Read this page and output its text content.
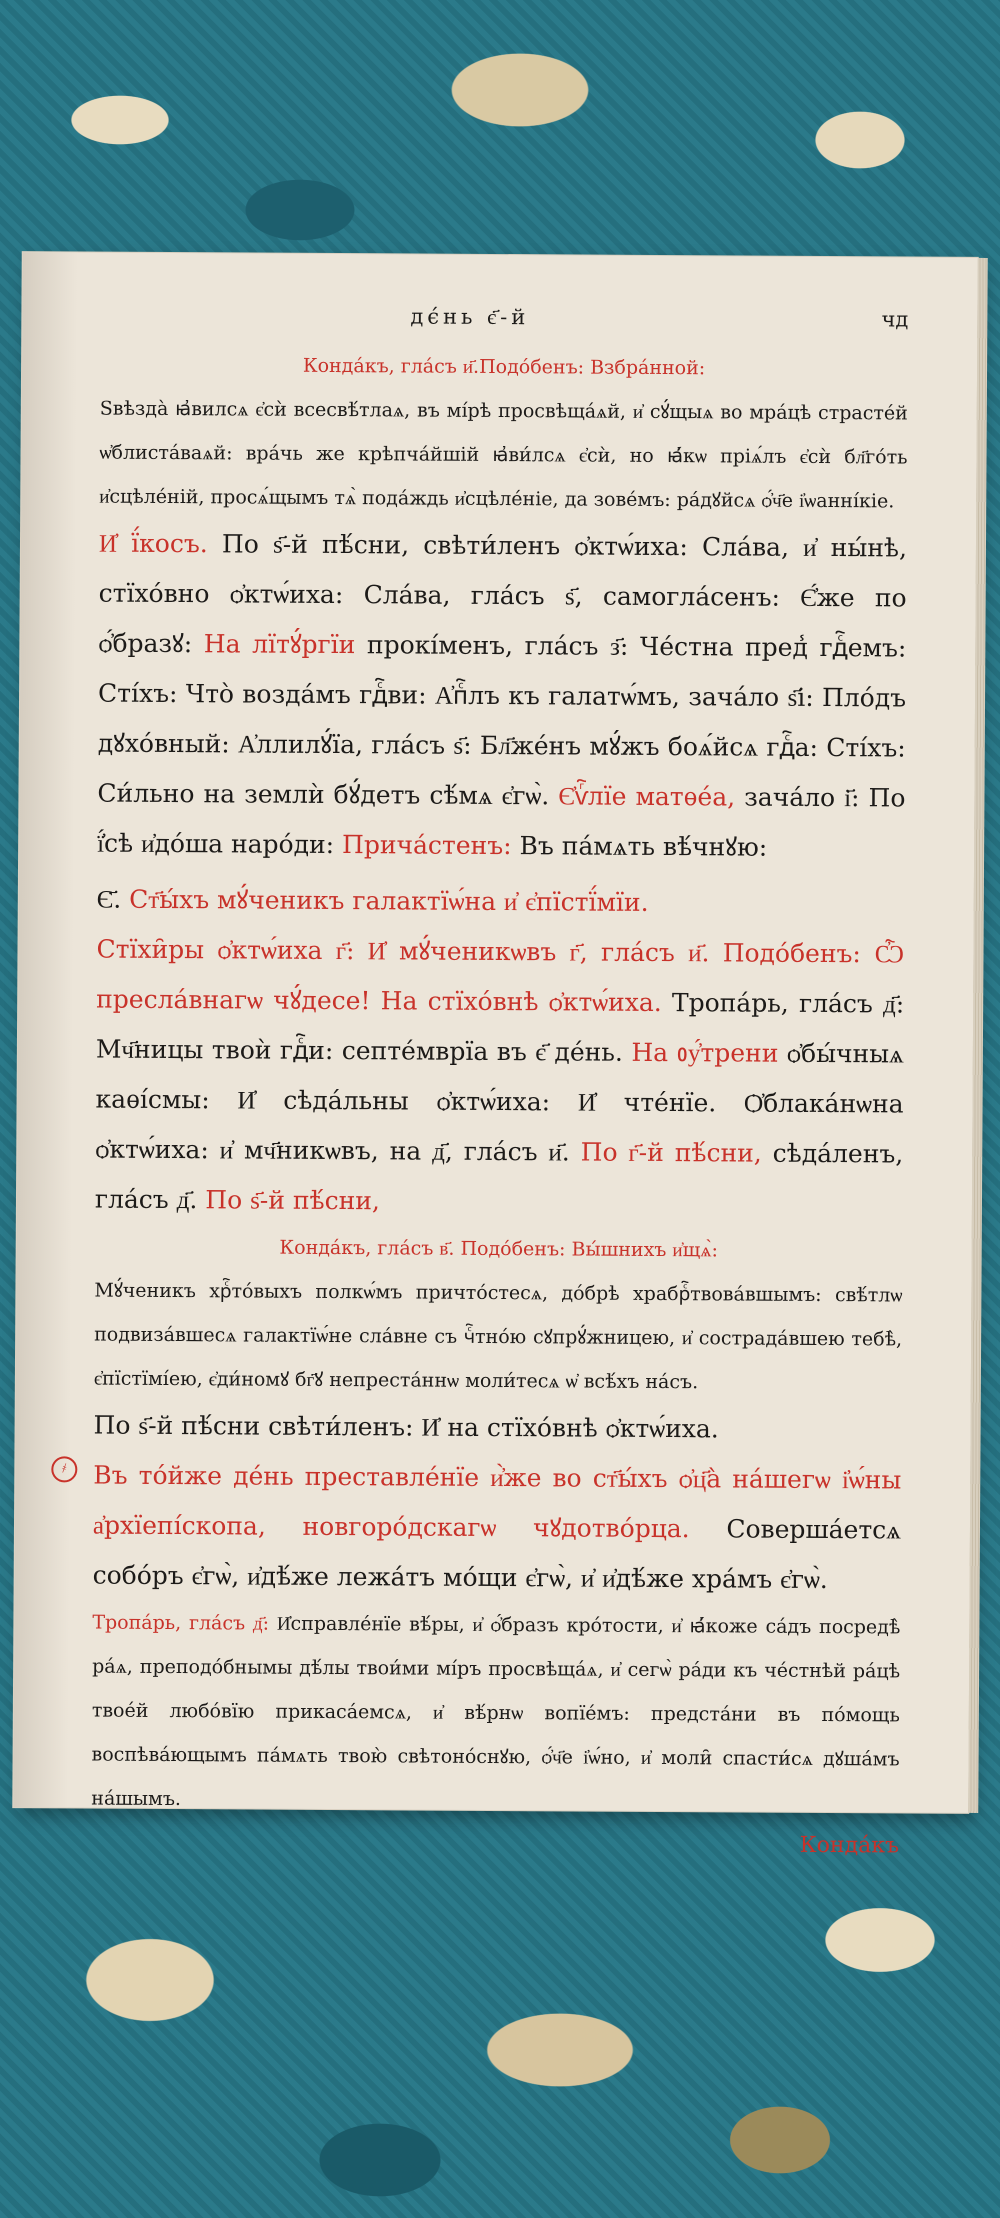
дє́нь є҃-й	чд

Конда́къ, гла́съ и҃.Подо́бенъ: Взбра́нной:

Ѕвѣзда̀ ꙗ҆вилсѧ є҆сѝ всесвѣ́тлаѧ, въ мі́рѣ просвѣща́ѧй, и҆ сꙋ́щыѧ во мра́цѣ страсте́й ѡ҆блиста́ваѧй: вра́чь же крѣпча́йшій ꙗ҆ви́лсѧ є҆сѝ, но ꙗ҆́кѡ пріѧ́лъ є҆сѝ бл҃го́ть и҆сцѣле́ній, просѧ́щымъ тѧ̀ пода́ждь и҆сцѣле́ніе, да зове́мъ: ра́дꙋйсѧ ѻ҆́ч҃е і҆ѡанні́кіе.

И҆ ї́косъ. По ѕ҃-й пѣ́сни, свѣти́ленъ ѻ҆ктѡ́иха: Сла́ва, и҆ ны́нѣ, стїхо́вно ѻ҆ктѡ́иха: Сла́ва, гла́съ ѕ҃, самогла́сенъ: Є҆́же по ѻ҆́бразꙋ: На лїтꙋ́ргїи прокі́менъ, гла́съ з҃: Че́стна пред̾ гдⷭ҇емъ: Сті́хъ: Что̀ возда́мъ гдⷭ҇ви: А҆пⷭ҇лъ къ галатѡ́мъ, зача́ло ѕ҃і: Пло́дъ дꙋхо́вный: А҆ллилꙋ́їа, гла́съ ѕ҃: Бл҃же́нъ мꙋ́жъ боѧ́йсѧ гдⷭ҇а: Сті́хъ: Си́льно на землѝ бꙋ́детъ сѣ́мѧ є҆гѡ̀. Є҆ѵⷢ҇лїе матѳе́а, зача́ло і҃: По ї҆́сѣ и҆до́ша наро́ди: Прича́стенъ: Въ па́мѧть вѣ́чнꙋю:

Є҃. Ст҃ы́хъ мꙋ́ченикъ галактїѡ́на и҆ є҆пїстї́мїи.

Стїхи̑ры ѻ҆ктѡ́иха г҃: И҆ мꙋ́ченикѡвъ г҃, гла́съ и҃. Подо́бенъ: Ѽ пресла́внагѡ чꙋ́десе! На стїхо́внѣ ѻ҆ктѡ́иха. Тропа́рь, гла́съ д҃: Мч҃ницы твоѝ гдⷭ҇и: септе́мврїа въ є҃ де́нь. На ᲂу҆́трени ѻ҆бы́чныѧ каѳі́смы: И҆ сѣда́льны ѻ҆ктѡ́иха: И҆ чте́нїе. Ѻ҆блака́нѡна ѻ҆ктѡ́иха: и҆ мч҃никѡвъ, на д҃, гла́съ и҃. По г҃-й пѣ́сни, сѣда́ленъ, гла́съ д҃. По ѕ҃-й пѣ́сни,

Конда́къ, гла́съ в҃. Подо́бенъ: Вы́шнихъ и҆щѧ̀:

Мꙋ́ченикъ хрⷭ҇то́выхъ полкѡ́мъ причто́стесѧ, до́брѣ храбрⷭ҇твова́вшымъ: свѣ́тлѡ подвиза́вшесѧ галактїѡ́не сла́вне съ чⷭ҇тно́ю сꙋпрꙋ́жницею, и҆ сострада́вшею тебѣ̀, є҆пїстїмі́ею, є҆ди́номꙋ бг҃ꙋ непреста́ннѡ моли́тесѧ ѡ҆ всѣ́хъ на́съ.

По ѕ҃-й пѣ́сни свѣти́ленъ: И҆ на стїхо́внѣ ѻ҆ктѡ́иха.

҂	Въ то́йже де́нь преставле́нїе и҆̀же во ст҃ы́хъ ѻ҆ц҃а̀ на́шегѡ і҆ѡ́ны а҆рхїепі́скопа, новгоро́дскагѡ чꙋдотво́рца. Соверша́етсѧ собо́ръ є҆гѡ̀, и҆дѣ́же лежа́тъ мо́щи є҆гѡ̀, и҆ и҆дѣ́же хра́мъ є҆гѡ̀.

Тропа́рь, гла́съ д҃: И҆справле́нїе вѣ́ры, и҆ ѻ҆́бразъ кро́тости, и҆ ꙗ҆́коже са́дъ посредѣ̀ ра́ѧ, преподо́бнымы дѣ́лы твои́ми мі́ръ просвѣща́ѧ, и҆ сегѡ̀ ра́ди къ че́стнѣй ра́цѣ твое́й любо́вїю прикаса́емсѧ, и҆ вѣ́рнѡ вопїе́мъ: предста́ни въ по́мощь воспѣва́ющымъ па́мѧть твою̀ свѣтоно́снꙋю, ѻ҆́ч҃е і҆ѡ́но, и҆ моли̑ спасти́сѧ дꙋша́мъ на́шымъ.

Конда́къ
